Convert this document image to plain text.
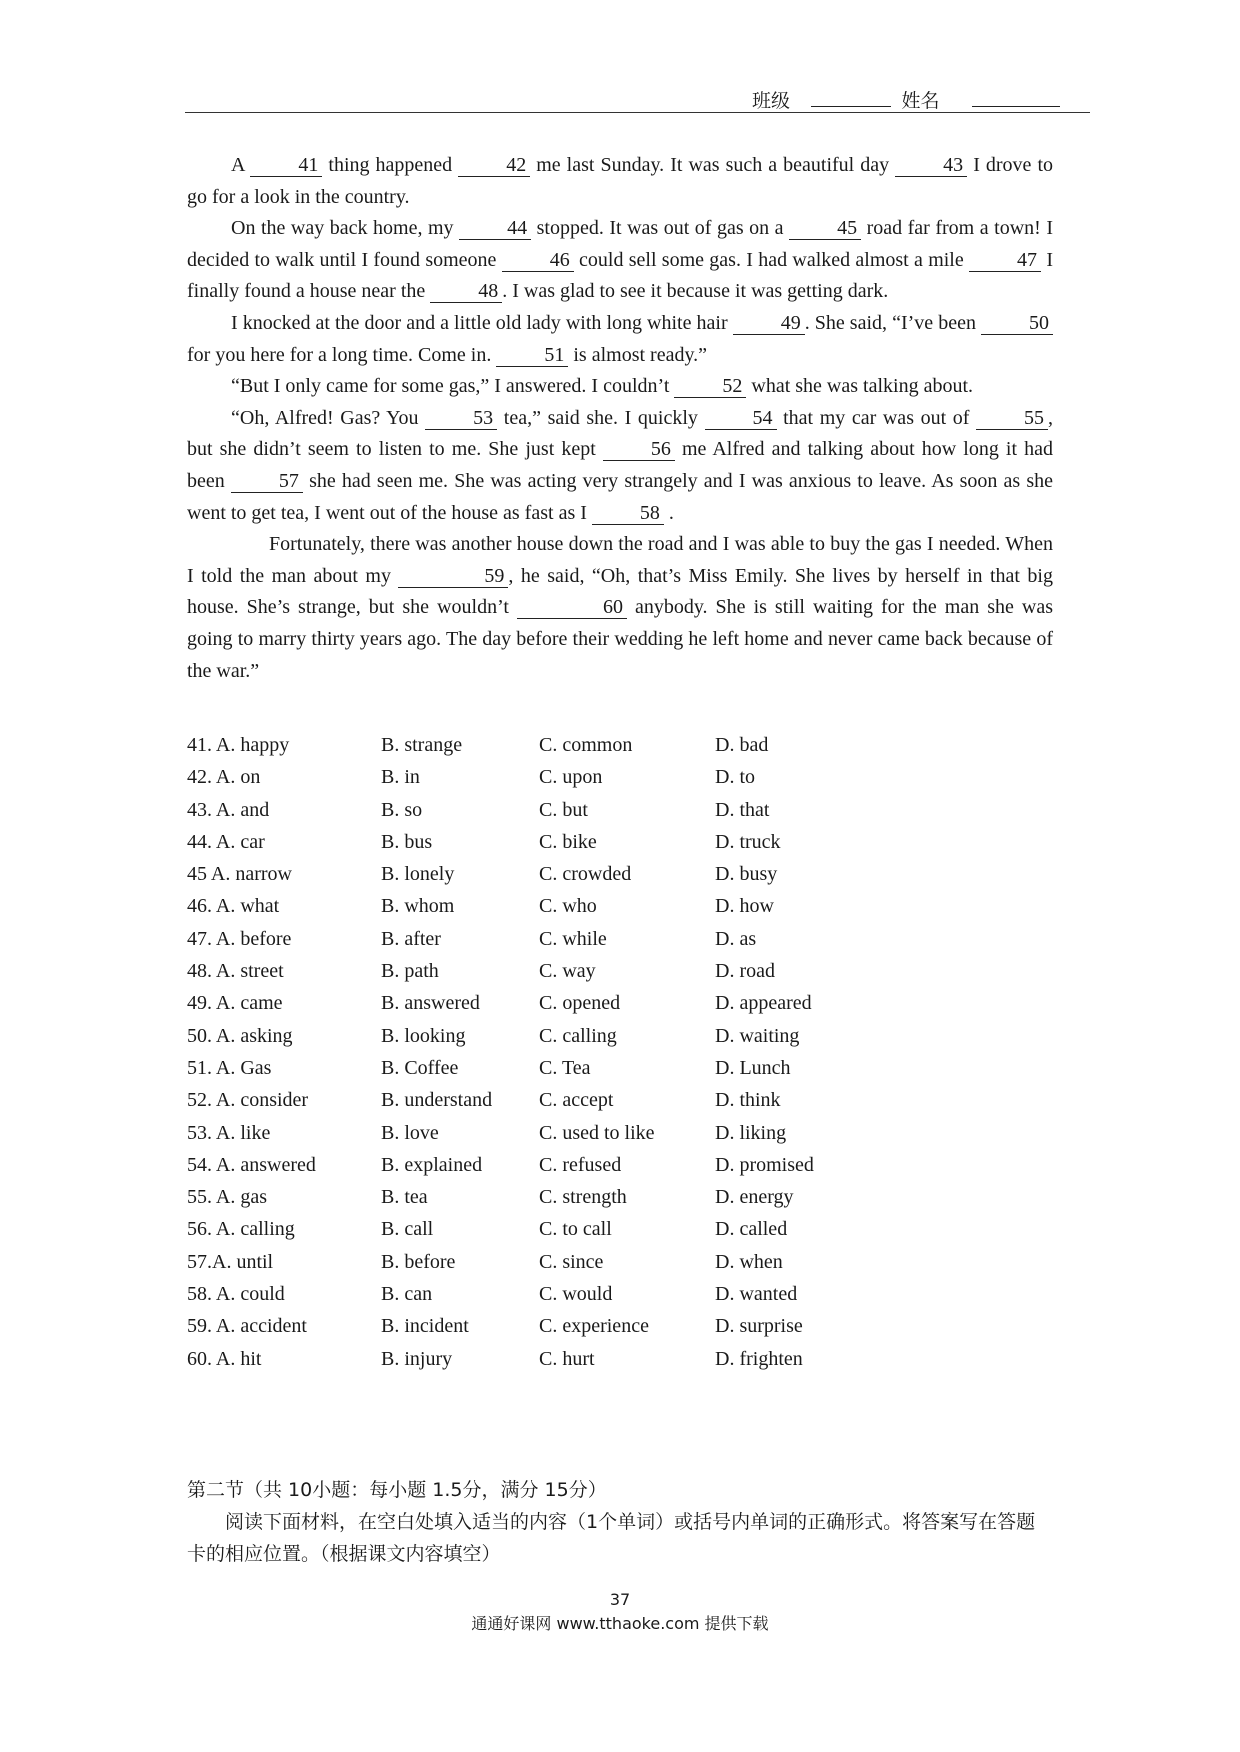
班级	姓名

A 41 thing happened 42 me last Sunday. It was such a beautiful day 43 I drove to go for a look in the country.

On the way back home, my 44 stopped. It was out of gas on a 45 road far from a town! I decided to walk until I found someone 46 could sell some gas. I had walked almost a mile 47 I finally found a house near the 48 . I was glad to see it because it was getting dark.

I knocked at the door and a little old lady with long white hair 49 . She said, “I’ve been 50 for you here for a long time. Come in. 51 is almost ready.”

“But I only came for some gas,” I answered. I couldn’t 52 what she was talking about.

“Oh, Alfred! Gas? You 53 tea,” said she. I quickly 54 that my car was out of 55 , but she didn’t seem to listen to me. She just kept 56 me Alfred and talking about how long it had been 57 she had seen me. She was acting very strangely and I was anxious to leave. As soon as she went to get tea, I went out of the house as fast as I 58 .

Fortunately, there was another house down the road and I was able to buy the gas I needed. When I told the man about my	59 , he said, “Oh, that’s Miss Emily. She lives by herself in that big house. She’s strange, but she wouldn’t	60 anybody. She is still waiting for the man she was going to marry thirty years ago. The day before their wedding he left home and never came back because of the war.”

41. A. happy	B. strange	C. common	D. bad
42. A. on	B. in	C. upon	D. to
43. A. and	B. so	C. but	D. that
44. A. car	B. bus	C. bike	D. truck
45 A. narrow	B. lonely	C. crowded	D. busy
46. A. what	B. whom	C. who	D. how
47. A. before	B. after	C. while	D. as
48. A. street	B. path	C. way	D. road
49. A. came	B. answered	C. opened	D. appeared
50. A. asking	B. looking	C. calling	D. waiting
51. A. Gas	B. Coffee	C. Tea	D. Lunch
52. A. consider	B. understand C. accept	D. think
53. A. like	B. love	C. used to like	D. liking
54. A. answered	B. explained	C. refused	D. promised
55. A. gas	B. tea	C. strength	D. energy
56. A. calling	B. call	C. to call	D. called
57.A. until	B. before	C. since	D. when
58. A. could	B. can	C. would	D. wanted
59. A. accident	B. incident	C. experience	D. surprise
60. A. hit	B. injury	C. hurt	D. frighten

第二节（共 10小题：每小题 1.5分，满分 15分）

阅读下面材料，在空白处填入适当的内容（1个单词）或括号内单词的正确形式。将答案写在答题卡的相应位置。（根据课文内容填空）

37
通通好课网 www.tthaoke.com 提供下载
